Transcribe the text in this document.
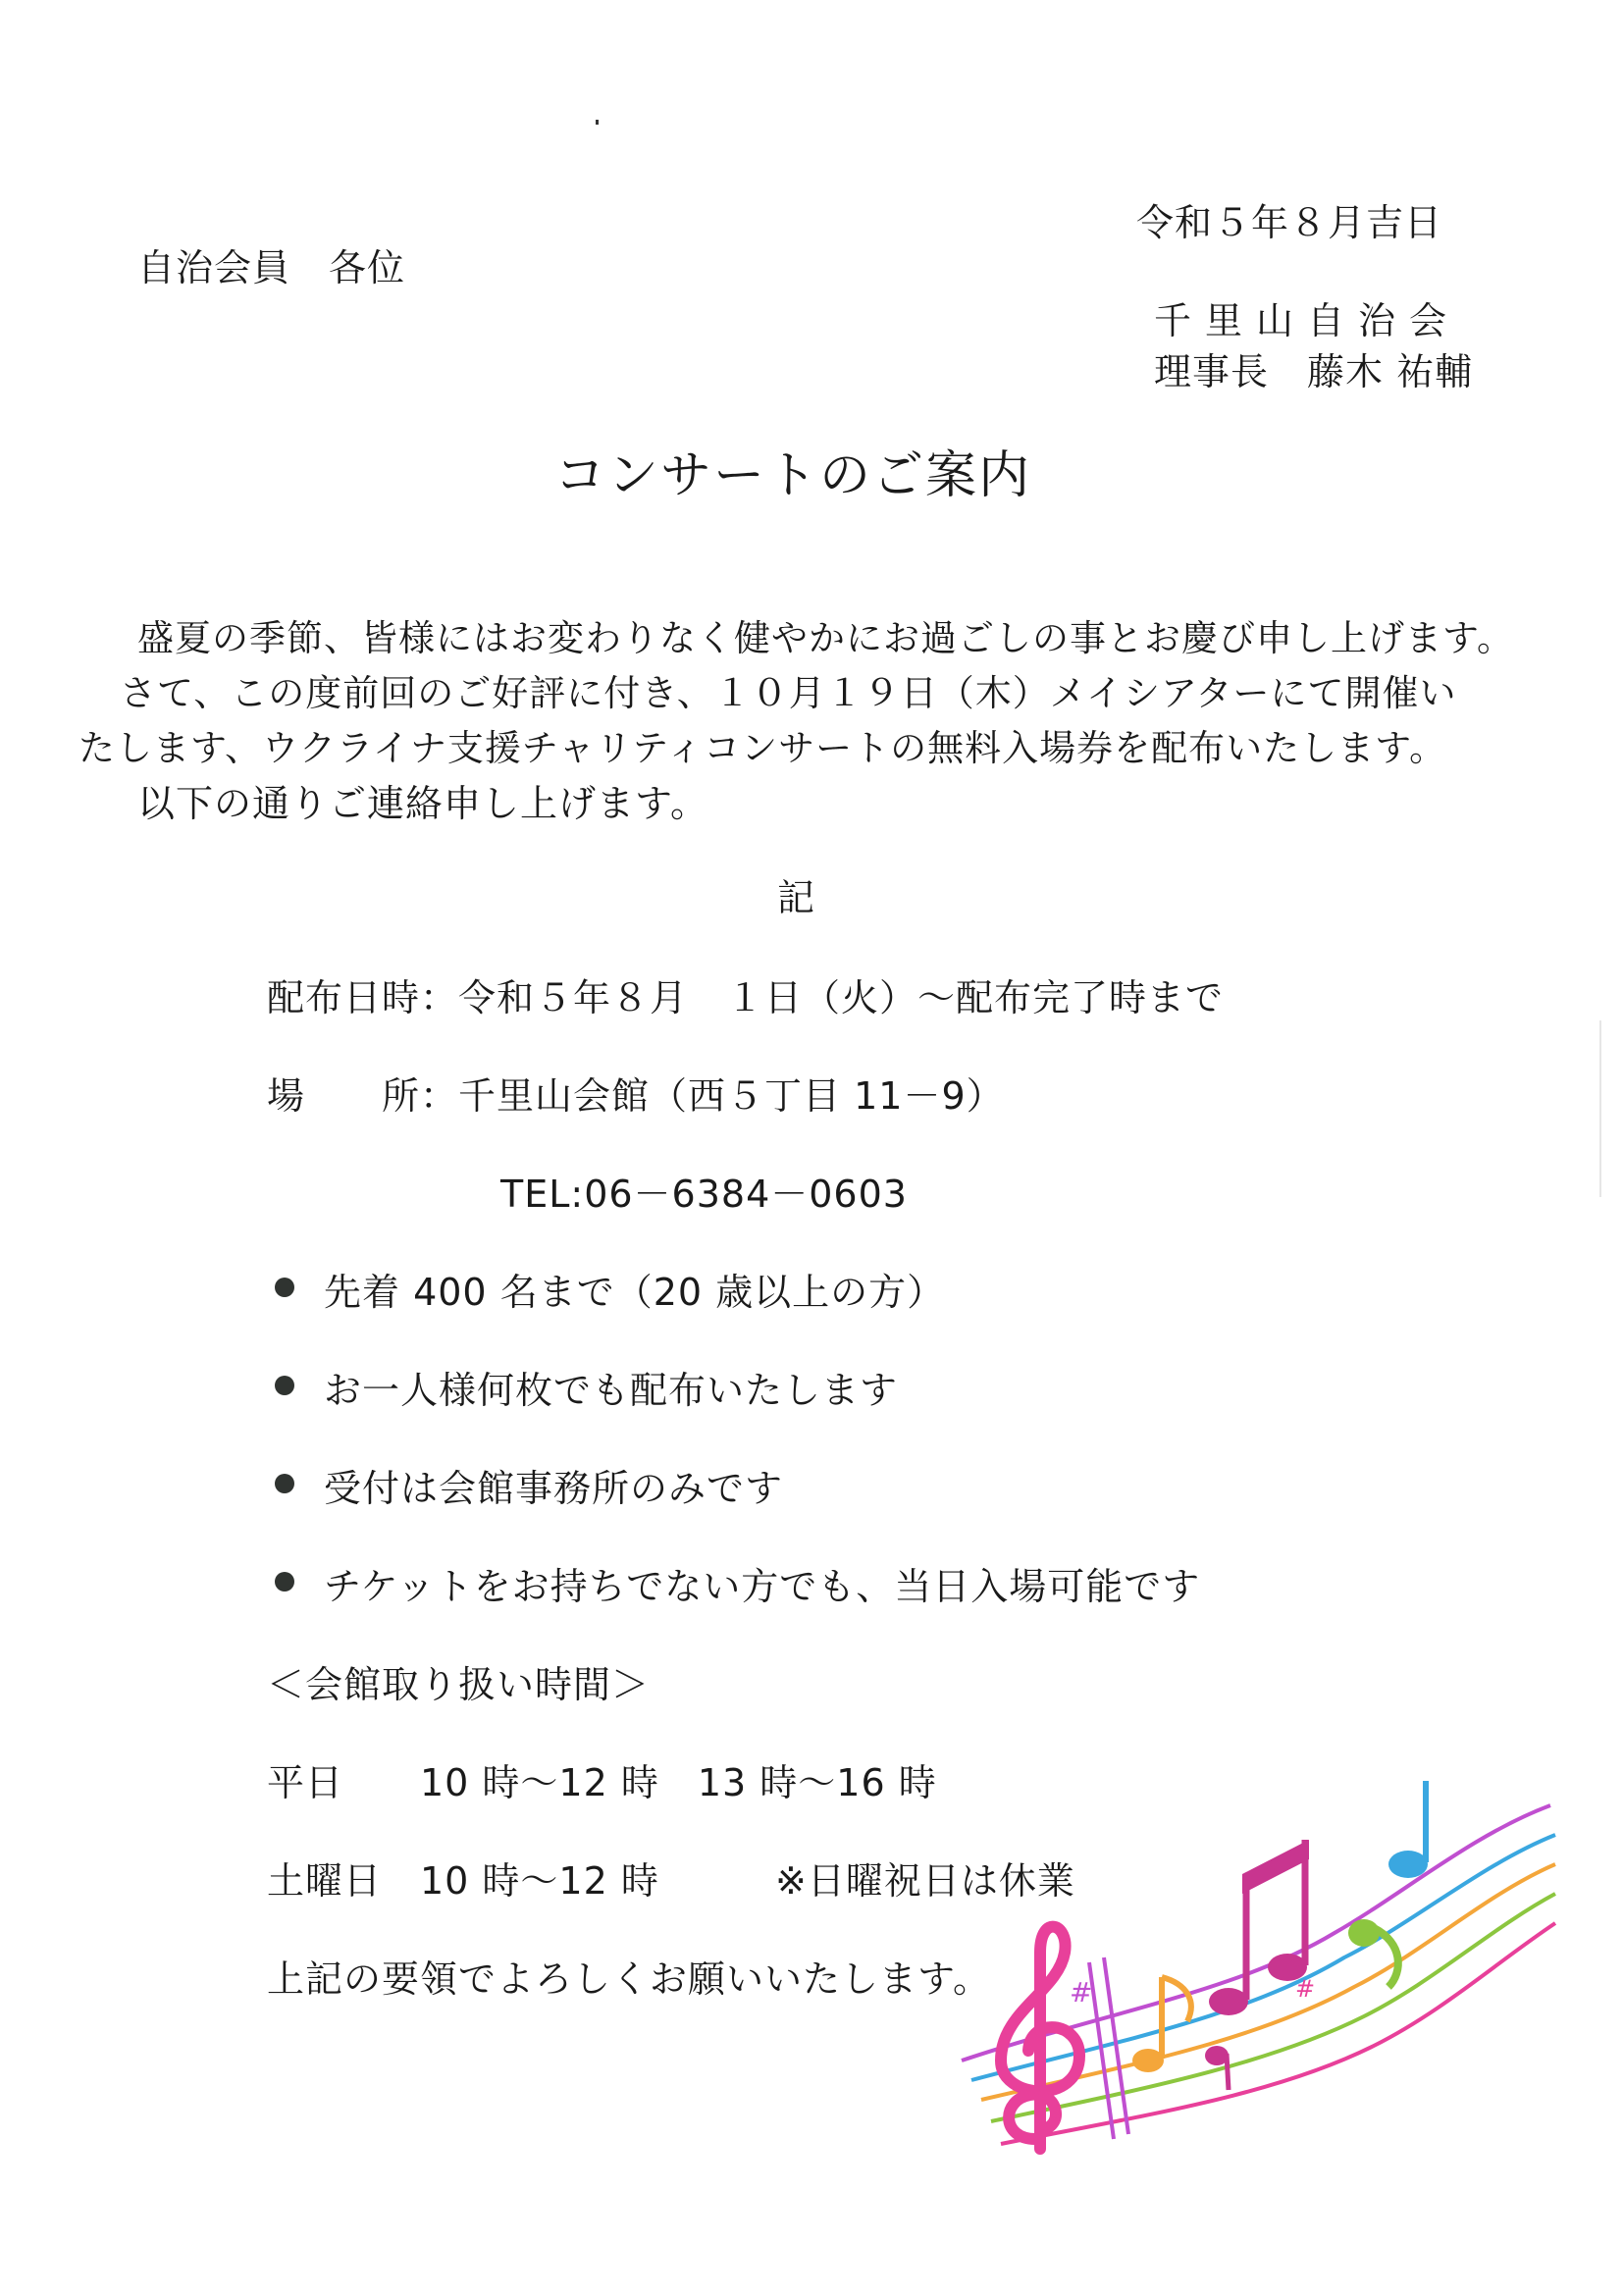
令和５年８月吉日
自治会員　各位
千里山自治会
理事長　藤木 祐輔
コンサートのご案内
盛夏の季節、皆様にはお変わりなく健やかにお過ごしの事とお慶び申し上げます。
さて、この度前回のご好評に付き、１０月１９日（木）メイシアターにて開催い
たします、ウクライナ支援チャリティコンサートの無料入場券を配布いたします。
以下の通りご連絡申し上げます。
記
配布日時：令和５年８月　１日（火）～配布完了時まで
場　　所：千里山会館（西５丁目 11－9）
TEL:06－6384－0603
先着 400 名まで（20 歳以上の方）
お一人様何枚でも配布いたします
受付は会館事務所のみです
チケットをお持ちでない方でも、当日入場可能です
＜会館取り扱い時間＞
平日 10 時～12 時　13 時～16 時
土曜日 10 時～12 時	※日曜祝日は休業
上記の要領でよろしくお願いいたします。	#	#
